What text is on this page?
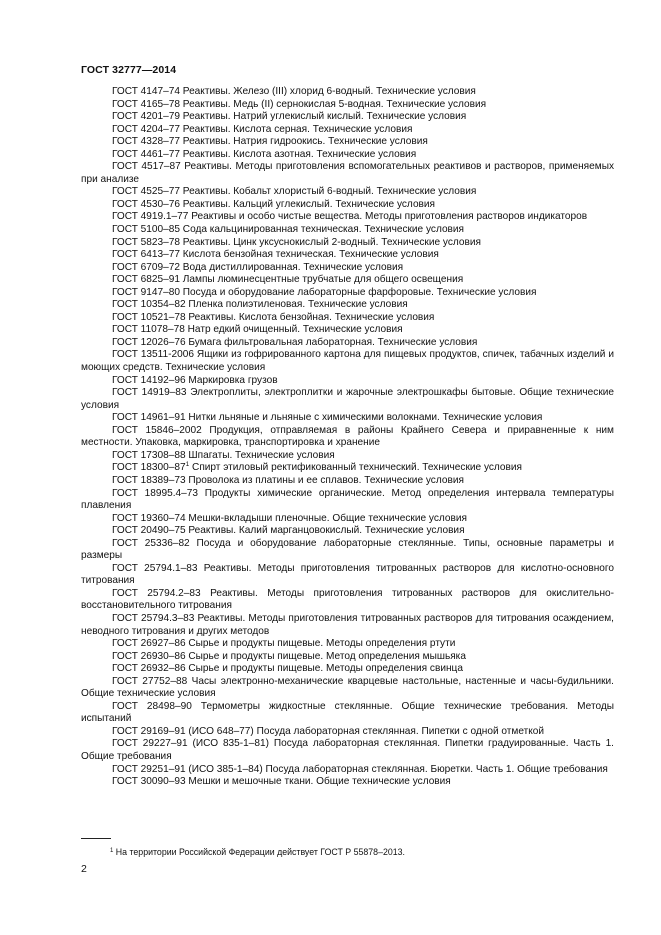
ГОСТ 32777—2014

ГОСТ 4147–74 Реактивы. Железо (III) хлорид 6-водный. Технические условия

ГОСТ 4165–78 Реактивы. Медь (II) сернокислая 5-водная. Технические условия

ГОСТ 4201–79 Реактивы. Натрий углекислый кислый. Технические условия

ГОСТ 4204–77 Реактивы. Кислота серная. Технические условия

ГОСТ 4328–77 Реактивы. Натрия гидроокись. Технические условия

ГОСТ 4461–77 Реактивы. Кислота азотная. Технические условия

ГОСТ 4517–87 Реактивы. Методы приготовления вспомогательных реактивов и растворов, применяемых при анализе

ГОСТ 4525–77 Реактивы. Кобальт хлористый 6-водный. Технические условия

ГОСТ 4530–76 Реактивы. Кальций углекислый. Технические условия

ГОСТ 4919.1–77 Реактивы и особо чистые вещества. Методы приготовления растворов индикаторов

ГОСТ 5100–85 Сода кальцинированная техническая. Технические условия

ГОСТ 5823–78 Реактивы. Цинк уксуснокислый 2-водный. Технические условия

ГОСТ 6413–77 Кислота бензойная техническая. Технические условия

ГОСТ 6709–72 Вода дистиллированная. Технические условия

ГОСТ 6825–91 Лампы люминесцентные трубчатые для общего освещения

ГОСТ 9147–80 Посуда и оборудование лабораторные фарфоровые. Технические условия

ГОСТ 10354–82 Пленка полиэтиленовая. Технические условия

ГОСТ 10521–78 Реактивы. Кислота бензойная. Технические условия

ГОСТ 11078–78 Натр едкий очищенный. Технические условия

ГОСТ 12026–76 Бумага фильтровальная лабораторная. Технические условия

ГОСТ 13511-2006 Ящики из гофрированного картона для пищевых продуктов, спичек, табачных изделий и моющих средств. Технические условия

ГОСТ 14192–96 Маркировка грузов

ГОСТ 14919–83 Электроплиты, электроплитки и жарочные электрошкафы бытовые. Общие технические условия

ГОСТ 14961–91 Нитки льняные и льняные с химическими волокнами. Технические условия

ГОСТ 15846–2002 Продукция, отправляемая в районы Крайнего Севера и приравненные к ним местности. Упаковка, маркировка, транспортировка и хранение

ГОСТ 17308–88 Шпагаты. Технические условия

ГОСТ $18300-87^1$ Спирт этиловый ректификованный технический. Технические условия

ГОСТ 18389–73 Проволока из платины и ее сплавов. Технические условия

ГОСТ 18995.4–73 Продукты химические органические. Метод определения интервала температуры плавления

ГОСТ 19360–74 Мешки-вкладыши пленочные. Общие технические условия

ГОСТ 20490–75 Реактивы. Калий марганцовокислый. Технические условия

ГОСТ 25336–82 Посуда и оборудование лабораторные стеклянные. Типы, основные параметры и размеры

ГОСТ 25794.1–83 Реактивы. Методы приготовления титрованных растворов для кислотно-основного титрования

ГОСТ 25794.2–83 Реактивы. Методы приготовления титрованных растворов для окислительно-восстановительного титрования

ГОСТ 25794.3–83 Реактивы. Методы приготовления титрованных растворов для титрования осаждением, неводного титрования и других методов

ГОСТ 26927–86 Сырье и продукты пищевые. Методы определения ртути

ГОСТ 26930–86 Сырье и продукты пищевые. Метод определения мышьяка

ГОСТ 26932–86 Сырье и продукты пищевые. Методы определения свинца

ГОСТ 27752–88 Часы электронно-механические кварцевые настольные, настенные и часы-будильники. Общие технические условия

ГОСТ 28498–90 Термометры жидкостные стеклянные. Общие технические требования. Методы испытаний

ГОСТ 29169–91 (ИСО 648–77) Посуда лабораторная стеклянная. Пипетки с одной отметкой

ГОСТ 29227–91 (ИСО 835-1–81) Посуда лабораторная стеклянная. Пипетки градуированные. Часть 1. Общие требования

ГОСТ 29251–91 (ИСО 385-1–84) Посуда лабораторная стеклянная. Бюретки. Часть 1. Общие требования

ГОСТ 30090–93 Мешки и мешочные ткани. Общие технические условия

$^1$ На территории Российской Федерации действует ГОСТ Р 55878–2013.
2
